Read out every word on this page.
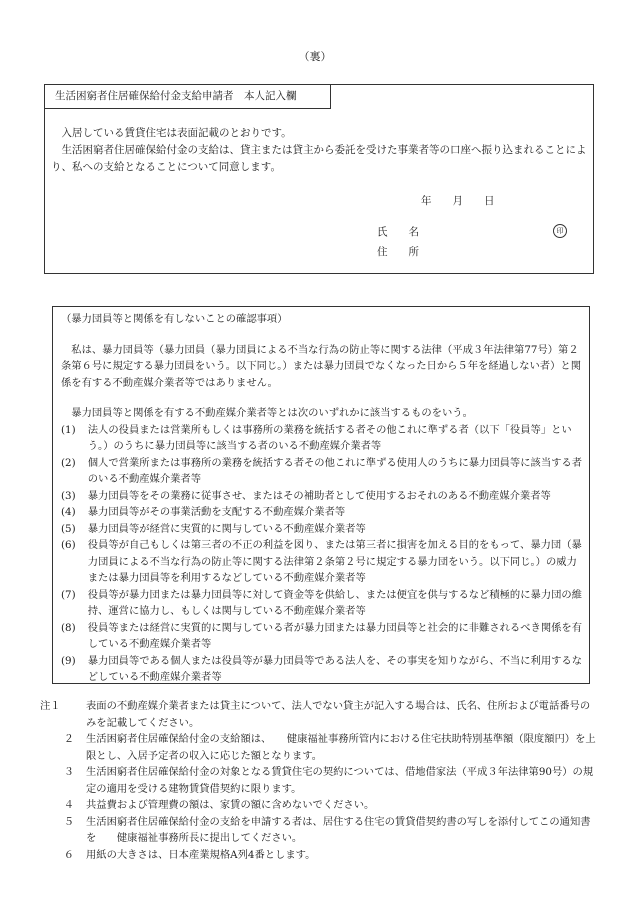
（裏）
生活困窮者住居確保給付金支給申請者　本人記入欄

入居している賃貸住宅は表面記載のとおりです。

生活困窮者住居確保給付金の支給は、貸主または貸主から委託を受けた事業者等の口座へ振り込まれることにより、私への支給となることについて同意します。

年　　月　　日
氏　　名	印
住　　所

（暴力団員等と関係を有しないことの確認事項）

私は、暴力団員等（暴力団員（暴力団員による不当な行為の防止等に関する法律（平成３年法律第77号）第２条第６号に規定する暴力団員をいう。以下同じ。）または暴力団員でなくなった日から５年を経過しない者）と関係を有する不動産媒介業者等ではありません。

暴力団員等と関係を有する不動産媒介業者等とは次のいずれかに該当するものをいう。

(1) 法人の役員または営業所もしくは事務所の業務を統括する者その他これに準ずる者（以下「役員等」という。）のうちに暴力団員等に該当する者のいる不動産媒介業者等

(2) 個人で営業所または事務所の業務を統括する者その他これに準ずる使用人のうちに暴力団員等に該当する者のいる不動産媒介業者等

(3) 暴力団員等をその業務に従事させ、またはその補助者として使用するおそれのある不動産媒介業者等

(4) 暴力団員等がその事業活動を支配する不動産媒介業者等

(5) 暴力団員等が経営に実質的に関与している不動産媒介業者等

(6) 役員等が自己もしくは第三者の不正の利益を図り、または第三者に損害を加える目的をもって、暴力団（暴力団員による不当な行為の防止等に関する法律第２条第２号に規定する暴力団をいう。以下同じ。）の威力または暴力団員等を利用するなどしている不動産媒介業者等

(7) 役員等が暴力団または暴力団員等に対して資金等を供給し、または便宜を供与するなど積極的に暴力団の維持、運営に協力し、もしくは関与している不動産媒介業者等

(8) 役員等または経営に実質的に関与している者が暴力団または暴力団員等と社会的に非難されるべき関係を有している不動産媒介業者等

(9) 暴力団員等である個人または役員等が暴力団員等である法人を、その事実を知りながら、不当に利用するなどしている不動産媒介業者等

注１	表面の不動産媒介業者または貸主について、法人でない貸主が記入する場合は、氏名、住所および電話番号のみを記載してください。

２	生活困窮者住居確保給付金の支給額は、　　健康福祉事務所管内における住宅扶助特別基準額（限度額円）を上限とし、入居予定者の収入に応じた額となります。

３	生活困窮者住居確保給付金の対象となる賃貸住宅の契約については、借地借家法（平成３年法律第90号）の規定の適用を受ける建物賃貸借契約に限ります。

４	共益費および管理費の額は、家賃の額に含めないでください。

５	生活困窮者住居確保給付金の支給を申請する者は、居住する住宅の賃貸借契約書の写しを添付してこの通知書を　　健康福祉事務所長に提出してください。

６	用紙の大きさは、日本産業規格A列4番とします。
